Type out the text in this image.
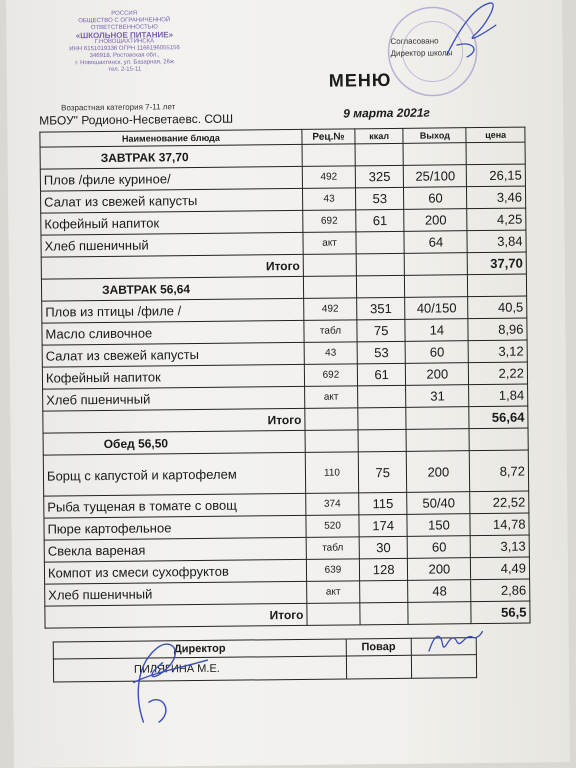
РОССИЯ
ОБЩЕСТВО С ОГРАНИЧЕННОЙ
ОТВЕТСТВЕННОСТЬЮ
«ШКОЛЬНОЕ ПИТАНИЕ»
Г.НОВОШАХТИНСКА
ИНН 6151019336 ОГРН 1166196055156
346918, Ростовская обл.,
г. Новошахтинск, ул. Базарная, 26ж
тел. 2-15-11
Согласовано
Директор школы
МЕНЮ
Возрастная категория 7-11 лет
МБОУ" Родионо-Несветаевс. СОШ	9 марта 2021г
Наименование блюда	Рец.№	ккал	Выход	цена
ЗАВТРАК 37,70				
Плов /филе куриное/	492	325	25/100	26,15
Салат из свежей капусты	43	53	60	3,46
Кофейный напиток	692	61	200	4,25
Хлеб пшеничный	акт		64	3,84
Итого				37,70
ЗАВТРАК 56,64				
Плов из птицы /филе /	492	351	40/150	40,5
Масло сливочное	табл	75	14	8,96
Салат из свежей капусты	43	53	60	3,12
Кофейный напиток	692	61	200	2,22
Хлеб пшеничный	акт		31	1,84
Итого				56,64
Обед 56,50				
Борщ с капустой и картофелем	110	75	200	8,72
Рыба тущеная в томате с овощ	374	115	50/40	22,52
Пюре картофельное	520	174	150	14,78
Свекла вареная	табл	30	60	3,13
Компот из смеси сухофруктов	639	128	200	4,49
Хлеб пшеничный	акт		48	2,86
Итого				56,5
Директор	Повар	
ПИЛЯГИНА М.Е.		
